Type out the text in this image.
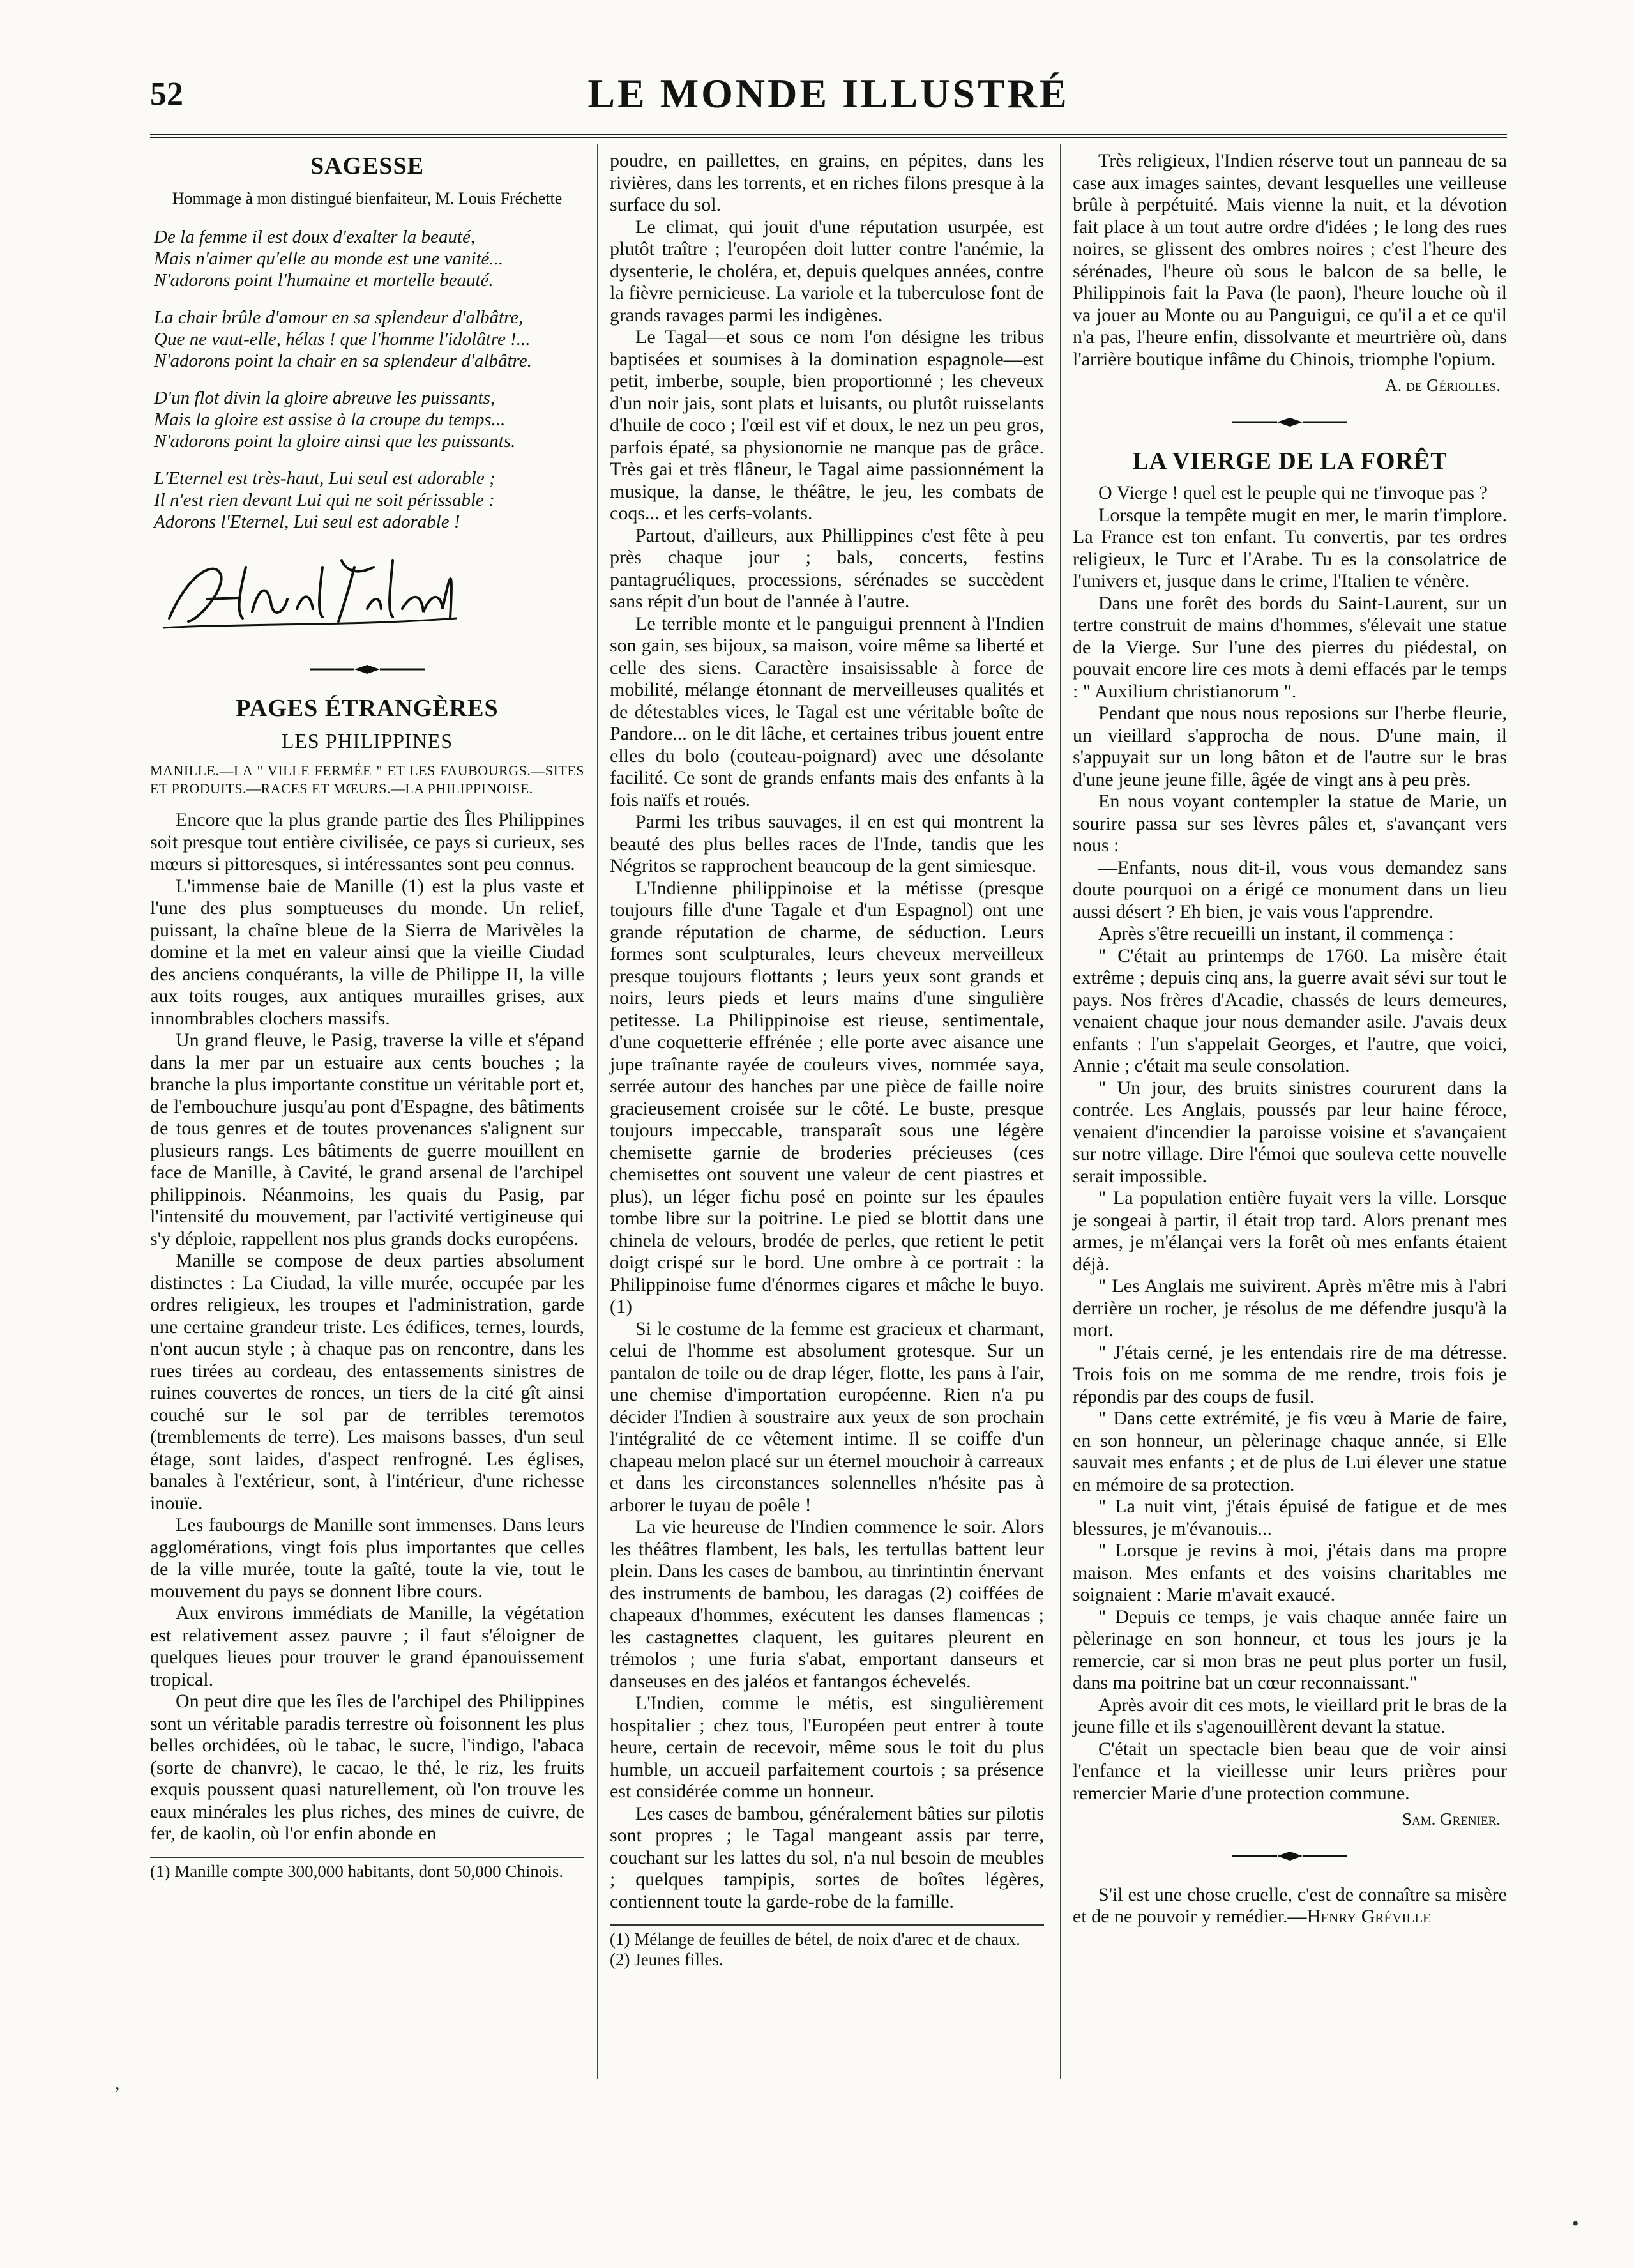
52	LE MONDE ILLUSTRÉ
SAGESSE
Hommage à mon distingué bienfaiteur, M. Louis Fréchette
De la femme il est doux d'exalter la beauté,
Mais n'aimer qu'elle au monde est une vanité...
N'adorons point l'humaine et mortelle beauté.
La chair brûle d'amour en sa splendeur d'albâtre,
Que ne vaut-elle, hélas ! que l'homme l'idolâtre !...
N'adorons point la chair en sa splendeur d'albâtre.
D'un flot divin la gloire abreuve les puissants,
Mais la gloire est assise à la croupe du temps...
N'adorons point la gloire ainsi que les puissants.
L'Eternel est très-haut, Lui seul est adorable ;
Il n'est rien devant Lui qui ne soit périssable :
Adorons l'Eternel, Lui seul est adorable !
PAGES ÉTRANGÈRES
LES PHILIPPINES
MANILLE.—LA " VILLE FERMÉE " ET LES FAUBOURGS.—SITES ET PRODUITS.—RACES ET MŒURS.—LA PHILIPPINOISE.

Encore que la plus grande partie des Îles Philippines soit presque tout entière civilisée, ce pays si curieux, ses mœurs si pittoresques, si intéressantes sont peu connus.

L'immense baie de Manille (1) est la plus vaste et l'une des plus somptueuses du monde. Un relief, puissant, la chaîne bleue de la Sierra de Marivèles la domine et la met en valeur ainsi que la vieille Ciudad des anciens conquérants, la ville de Philippe II, la ville aux toits rouges, aux antiques murailles grises, aux innombrables clochers massifs.

Un grand fleuve, le Pasig, traverse la ville et s'épand dans la mer par un estuaire aux cents bouches ; la branche la plus importante constitue un véritable port et, de l'embouchure jusqu'au pont d'Espagne, des bâtiments de tous genres et de toutes provenances s'alignent sur plusieurs rangs. Les bâtiments de guerre mouillent en face de Manille, à Cavité, le grand arsenal de l'archipel philippinois. Néanmoins, les quais du Pasig, par l'intensité du mouvement, par l'activité vertigineuse qui s'y déploie, rappellent nos plus grands docks européens.

Manille se compose de deux parties absolument distinctes : La Ciudad, la ville murée, occupée par les ordres religieux, les troupes et l'administration, garde une certaine grandeur triste. Les édifices, ternes, lourds, n'ont aucun style ; à chaque pas on rencontre, dans les rues tirées au cordeau, des entassements sinistres de ruines couvertes de ronces, un tiers de la cité gît ainsi couché sur le sol par de terribles teremotos (tremblements de terre). Les maisons basses, d'un seul étage, sont laides, d'aspect renfrogné. Les églises, banales à l'extérieur, sont, à l'intérieur, d'une richesse inouïe.

Les faubourgs de Manille sont immenses. Dans leurs agglomérations, vingt fois plus importantes que celles de la ville murée, toute la gaîté, toute la vie, tout le mouvement du pays se donnent libre cours.

Aux environs immédiats de Manille, la végétation est relativement assez pauvre ; il faut s'éloigner de quelques lieues pour trouver le grand épanouissement tropical.

On peut dire que les îles de l'archipel des Philippines sont un véritable paradis terrestre où foisonnent les plus belles orchidées, où le tabac, le sucre, l'indigo, l'abaca (sorte de chanvre), le cacao, le thé, le riz, les fruits exquis poussent quasi naturellement, où l'on trouve les eaux minérales les plus riches, des mines de cuivre, de fer, de kaolin, où l'or enfin abonde en

(1) Manille compte 300,000 habitants, dont 50,000 Chinois.

poudre, en paillettes, en grains, en pépites, dans les rivières, dans les torrents, et en riches filons presque à la surface du sol.

Le climat, qui jouit d'une réputation usurpée, est plutôt traître ; l'européen doit lutter contre l'anémie, la dysenterie, le choléra, et, depuis quelques années, contre la fièvre pernicieuse. La variole et la tuberculose font de grands ravages parmi les indigènes.

Le Tagal—et sous ce nom l'on désigne les tribus baptisées et soumises à la domination espagnole—est petit, imberbe, souple, bien proportionné ; les cheveux d'un noir jais, sont plats et luisants, ou plutôt ruisselants d'huile de coco ; l'œil est vif et doux, le nez un peu gros, parfois épaté, sa physionomie ne manque pas de grâce. Très gai et très flâneur, le Tagal aime passionnément la musique, la danse, le théâtre, le jeu, les combats de coqs... et les cerfs-volants.

Partout, d'ailleurs, aux Phillippines c'est fête à peu près chaque jour ; bals, concerts, festins pantagruéliques, processions, sérénades se succèdent sans répit d'un bout de l'année à l'autre.

Le terrible monte et le panguigui prennent à l'Indien son gain, ses bijoux, sa maison, voire même sa liberté et celle des siens. Caractère insaisissable à force de mobilité, mélange étonnant de merveilleuses qualités et de détestables vices, le Tagal est une véritable boîte de Pandore... on le dit lâche, et certaines tribus jouent entre elles du bolo (couteau-poignard) avec une désolante facilité. Ce sont de grands enfants mais des enfants à la fois naïfs et roués.

Parmi les tribus sauvages, il en est qui montrent la beauté des plus belles races de l'Inde, tandis que les Négritos se rapprochent beaucoup de la gent simiesque.

L'Indienne philippinoise et la métisse (presque toujours fille d'une Tagale et d'un Espagnol) ont une grande réputation de charme, de séduction. Leurs formes sont sculpturales, leurs cheveux merveilleux presque toujours flottants ; leurs yeux sont grands et noirs, leurs pieds et leurs mains d'une singulière petitesse. La Philippinoise est rieuse, sentimentale, d'une coquetterie effrénée ; elle porte avec aisance une jupe traînante rayée de couleurs vives, nommée saya, serrée autour des hanches par une pièce de faille noire gracieusement croisée sur le côté. Le buste, presque toujours impeccable, transparaît sous une légère chemisette garnie de broderies précieuses (ces chemisettes ont souvent une valeur de cent piastres et plus), un léger fichu posé en pointe sur les épaules tombe libre sur la poitrine. Le pied se blottit dans une chinela de velours, brodée de perles, que retient le petit doigt crispé sur le bord. Une ombre à ce portrait : la Philippinoise fume d'énormes cigares et mâche le buyo. (1)

Si le costume de la femme est gracieux et charmant, celui de l'homme est absolument grotesque. Sur un pantalon de toile ou de drap léger, flotte, les pans à l'air, une chemise d'importation européenne. Rien n'a pu décider l'Indien à soustraire aux yeux de son prochain l'intégralité de ce vêtement intime. Il se coiffe d'un chapeau melon placé sur un éternel mouchoir à carreaux et dans les circonstances solennelles n'hésite pas à arborer le tuyau de poêle !

La vie heureuse de l'Indien commence le soir. Alors les théâtres flambent, les bals, les tertullas battent leur plein. Dans les cases de bambou, au tinrintintin énervant des instruments de bambou, les daragas (2) coiffées de chapeaux d'hommes, exécutent les danses flamencas ; les castagnettes claquent, les guitares pleurent en trémolos ; une furia s'abat, emportant danseurs et danseuses en des jaléos et fantangos échevelés.

L'Indien, comme le métis, est singulièrement hospitalier ; chez tous, l'Européen peut entrer à toute heure, certain de recevoir, même sous le toit du plus humble, un accueil parfaitement courtois ; sa présence est considérée comme un honneur.

Les cases de bambou, généralement bâties sur pilotis sont propres ; le Tagal mangeant assis par terre, couchant sur les lattes du sol, n'a nul besoin de meubles ; quelques tampipis, sortes de boîtes légères, contiennent toute la garde-robe de la famille.

(1) Mélange de feuilles de bétel, de noix d'arec et de chaux.
(2) Jeunes filles.

Très religieux, l'Indien réserve tout un panneau de sa case aux images saintes, devant lesquelles une veilleuse brûle à perpétuité. Mais vienne la nuit, et la dévotion fait place à un tout autre ordre d'idées ; le long des rues noires, se glissent des ombres noires ; c'est l'heure des sérénades, l'heure où sous le balcon de sa belle, le Philippinois fait la Pava (le paon), l'heure louche où il va jouer au Monte ou au Panguigui, ce qu'il a et ce qu'il n'a pas, l'heure enfin, dissolvante et meurtrière où, dans l'arrière boutique infâme du Chinois, triomphe l'opium.

A. de Gériolles.
LA VIERGE DE LA FORÊT

O Vierge ! quel est le peuple qui ne t'invoque pas ?

Lorsque la tempête mugit en mer, le marin t'implore. La France est ton enfant. Tu convertis, par tes ordres religieux, le Turc et l'Arabe. Tu es la consolatrice de l'univers et, jusque dans le crime, l'Italien te vénère.

Dans une forêt des bords du Saint-Laurent, sur un tertre construit de mains d'hommes, s'élevait une statue de la Vierge. Sur l'une des pierres du piédestal, on pouvait encore lire ces mots à demi effacés par le temps : " Auxilium christianorum ".

Pendant que nous nous reposions sur l'herbe fleurie, un vieillard s'approcha de nous. D'une main, il s'appuyait sur un long bâton et de l'autre sur le bras d'une jeune jeune fille, âgée de vingt ans à peu près.

En nous voyant contempler la statue de Marie, un sourire passa sur ses lèvres pâles et, s'avançant vers nous :

—Enfants, nous dit-il, vous vous demandez sans doute pourquoi on a érigé ce monument dans un lieu aussi désert ? Eh bien, je vais vous l'apprendre.

Après s'être recueilli un instant, il commença :

" C'était au printemps de 1760. La misère était extrême ; depuis cinq ans, la guerre avait sévi sur tout le pays. Nos frères d'Acadie, chassés de leurs demeures, venaient chaque jour nous demander asile. J'avais deux enfants : l'un s'appelait Georges, et l'autre, que voici, Annie ; c'était ma seule consolation.

" Un jour, des bruits sinistres coururent dans la contrée. Les Anglais, poussés par leur haine féroce, venaient d'incendier la paroisse voisine et s'avançaient sur notre village. Dire l'émoi que souleva cette nouvelle serait impossible.

" La population entière fuyait vers la ville. Lorsque je songeai à partir, il était trop tard. Alors prenant mes armes, je m'élançai vers la forêt où mes enfants étaient déjà.

" Les Anglais me suivirent. Après m'être mis à l'abri derrière un rocher, je résolus de me défendre jusqu'à la mort.

" J'étais cerné, je les entendais rire de ma détresse. Trois fois on me somma de me rendre, trois fois je répondis par des coups de fusil.

" Dans cette extrémité, je fis vœu à Marie de faire, en son honneur, un pèlerinage chaque année, si Elle sauvait mes enfants ; et de plus de Lui élever une statue en mémoire de sa protection.

" La nuit vint, j'étais épuisé de fatigue et de mes blessures, je m'évanouis...

" Lorsque je revins à moi, j'étais dans ma propre maison. Mes enfants et des voisins charitables me soignaient : Marie m'avait exaucé.

" Depuis ce temps, je vais chaque année faire un pèlerinage en son honneur, et tous les jours je la remercie, car si mon bras ne peut plus porter un fusil, dans ma poitrine bat un cœur reconnaissant."

Après avoir dit ces mots, le vieillard prit le bras de la jeune fille et ils s'agenouillèrent devant la statue.

C'était un spectacle bien beau que de voir ainsi l'enfance et la vieillesse unir leurs prières pour remercier Marie d'une protection commune.

Sam. Grenier.
S'il est une chose cruelle, c'est de connaître sa misère et de ne pouvoir y remédier.—Henry Gréville
,
•
